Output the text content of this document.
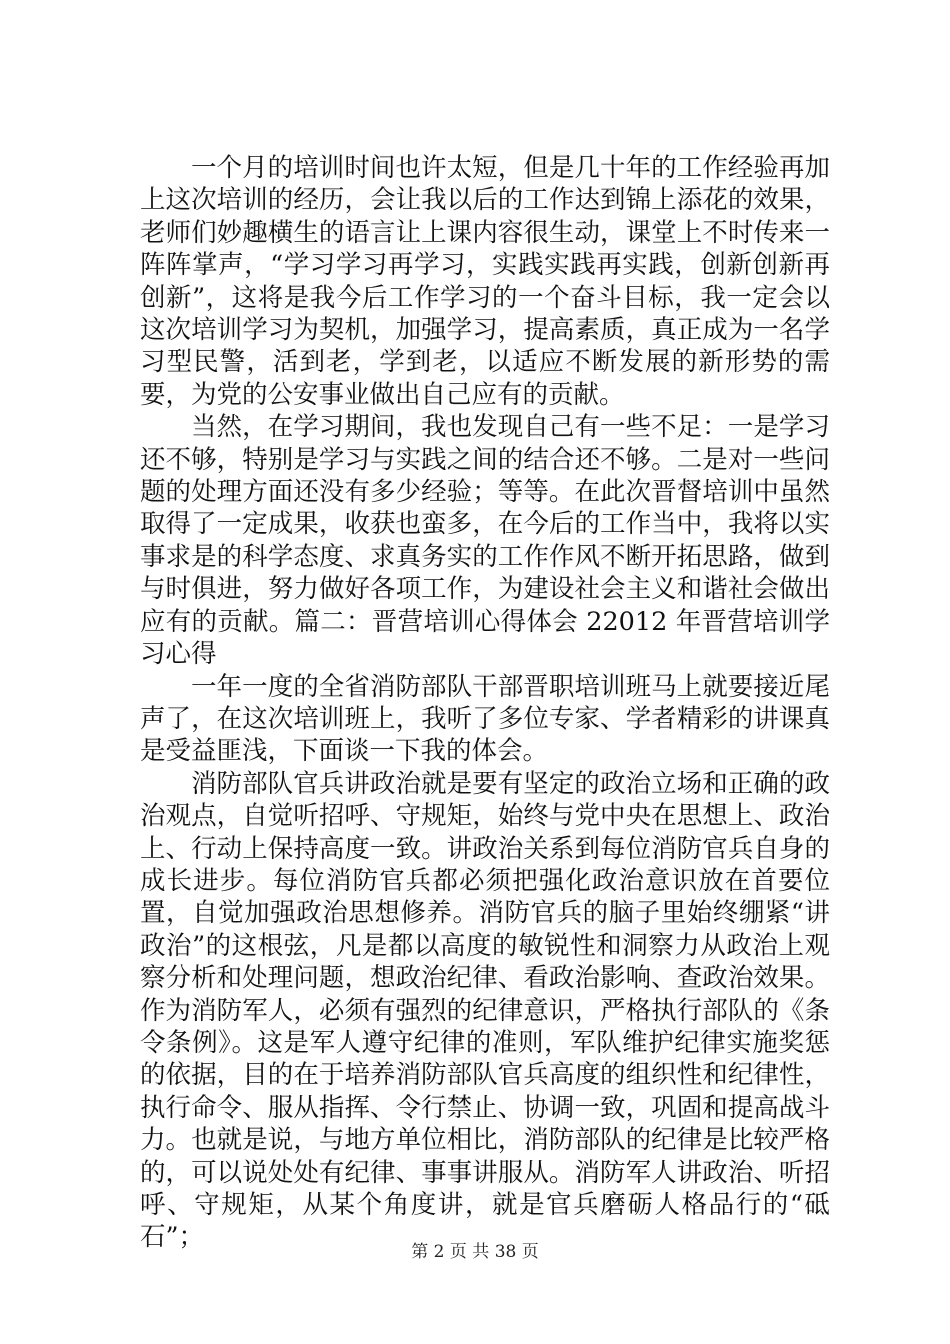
一个月的培训时间也许太短，但是几十年的工作经验再加上这次培训的经历，会让我以后的工作达到锦上添花的效果，老师们妙趣横生的语言让上课内容很生动，课堂上不时传来一阵阵掌声，“学习学习再学习，实践实践再实践，创新创新再创新”，这将是我今后工作学习的一个奋斗目标，我一定会以这次培训学习为契机，加强学习，提高素质，真正成为一名学习型民警，活到老，学到老，以适应不断发展的新形势的需要，为党的公安事业做出自己应有的贡献。

当然，在学习期间，我也发现自己有一些不足：一是学习还不够，特别是学习与实践之间的结合还不够。二是对一些问题的处理方面还没有多少经验；等等。在此次晋督培训中虽然取得了一定成果，收获也蛮多，在今后的工作当中，我将以实事求是的科学态度、求真务实的工作作风不断开拓思路，做到与时俱进，努力做好各项工作，为建设社会主义和谐社会做出应有的贡献。篇二：晋营培训心得体会 22012 年晋营培训学习心得

一年一度的全省消防部队干部晋职培训班马上就要接近尾声了，在这次培训班上，我听了多位专家、学者精彩的讲课真是受益匪浅，下面谈一下我的体会。

消防部队官兵讲政治就是要有坚定的政治立场和正确的政治观点，自觉听招呼、守规矩，始终与党中央在思想上、政治上、行动上保持高度一致。讲政治关系到每位消防官兵自身的成长进步。每位消防官兵都必须把强化政治意识放在首要位置，自觉加强政治思想修养。消防官兵的脑子里始终绷紧“讲政治”的这根弦，凡是都以高度的敏锐性和洞察力从政治上观察分析和处理问题，想政治纪律、看政治影响、查政治效果。作为消防军人，必须有强烈的纪律意识，严格执行部队的《条令条例》。这是军人遵守纪律的准则，军队维护纪律实施奖惩的依据，目的在于培养消防部队官兵高度的组织性和纪律性，执行命令、服从指挥、令行禁止、协调一致，巩固和提高战斗力。也就是说，与地方单位相比，消防部队的纪律是比较严格的，可以说处处有纪律、事事讲服从。消防军人讲政治、听招呼、守规矩，从某个角度讲，就是官兵磨砺人格品行的“砥石”；	第 2 页 共 38 页
